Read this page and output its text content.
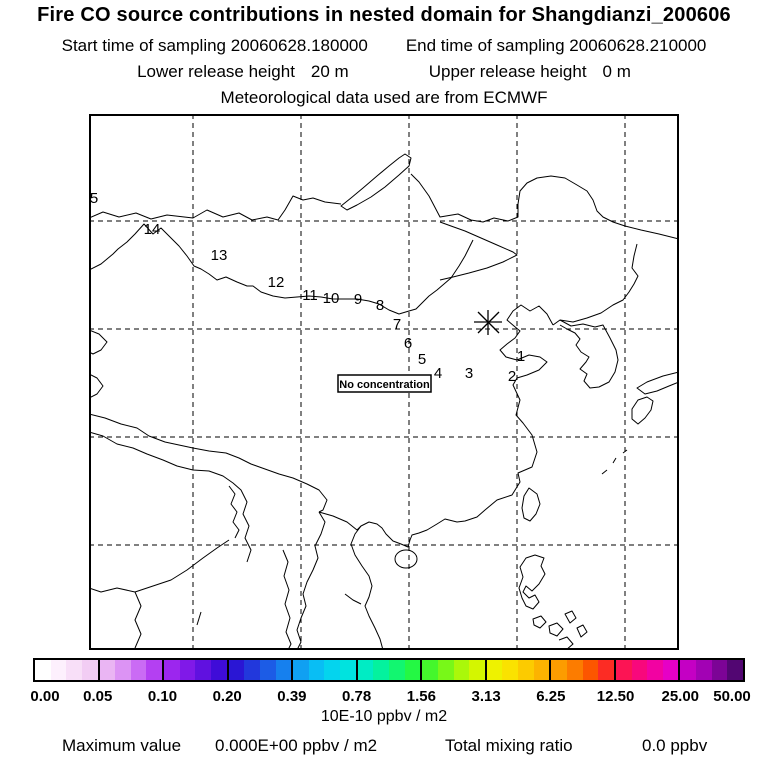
Fire CO source contributions in nested domain for Shangdianzi_200606
Start time of sampling 20060628.180000 End time of sampling 20060628.210000
Lower release height 20 m	Upper release height 0 m
Meteorological data used are from ECMWF
5
14
13
12
11 10 9 8
7
6
5
4 3 2
1
No concentration
0.00 0.05 0.10 0.20 0.39 0.78 1.56 3.13 6.25 12.50 25.00 50.00
10E-10 ppbv / m2
Maximum value 0.000E+00 ppbv / m2	Total mixing ratio	0.0 ppbv
